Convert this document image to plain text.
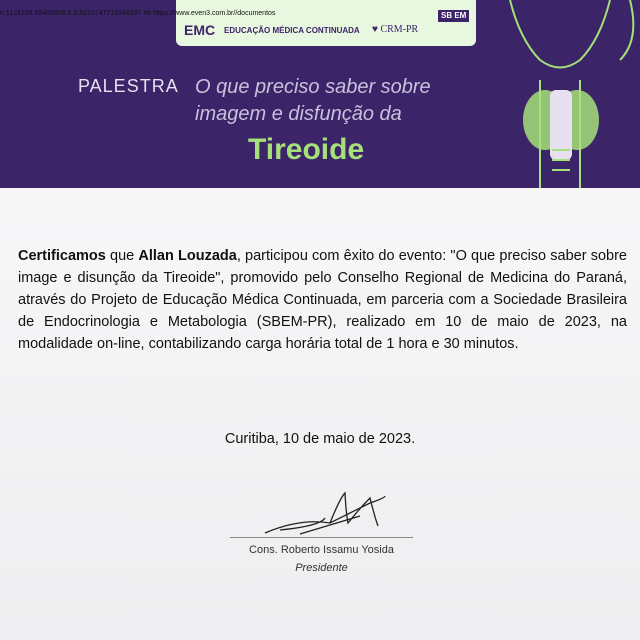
n 1124169.85409906.0.0.5215747716349337 ## https://www.even3.com.br//documentos
EMC EDUCAÇÃO MÉDICA CONTINUADA ♥ CRM-PR
SB EM
PALESTRA O que preciso saber sobre
imagem e disfunção da
Tireoide
Certificamos que Allan Louzada, participou com êxito do evento: "O que preciso saber sobre image e disunção da Tireoide", promovido pelo Conselho Regional de Medicina do Paraná, através do Projeto de Educação Médica Continuada, em parceria com a Sociedade Brasileira de Endocrinologia e Metabologia (SBEM-PR), realizado em 10 de maio de 2023, na modalidade on-line, contabilizando carga horária total de 1 hora e 30 minutos.
Curitiba, 10 de maio de 2023.
Cons. Roberto Issamu Yosida
Presidente
